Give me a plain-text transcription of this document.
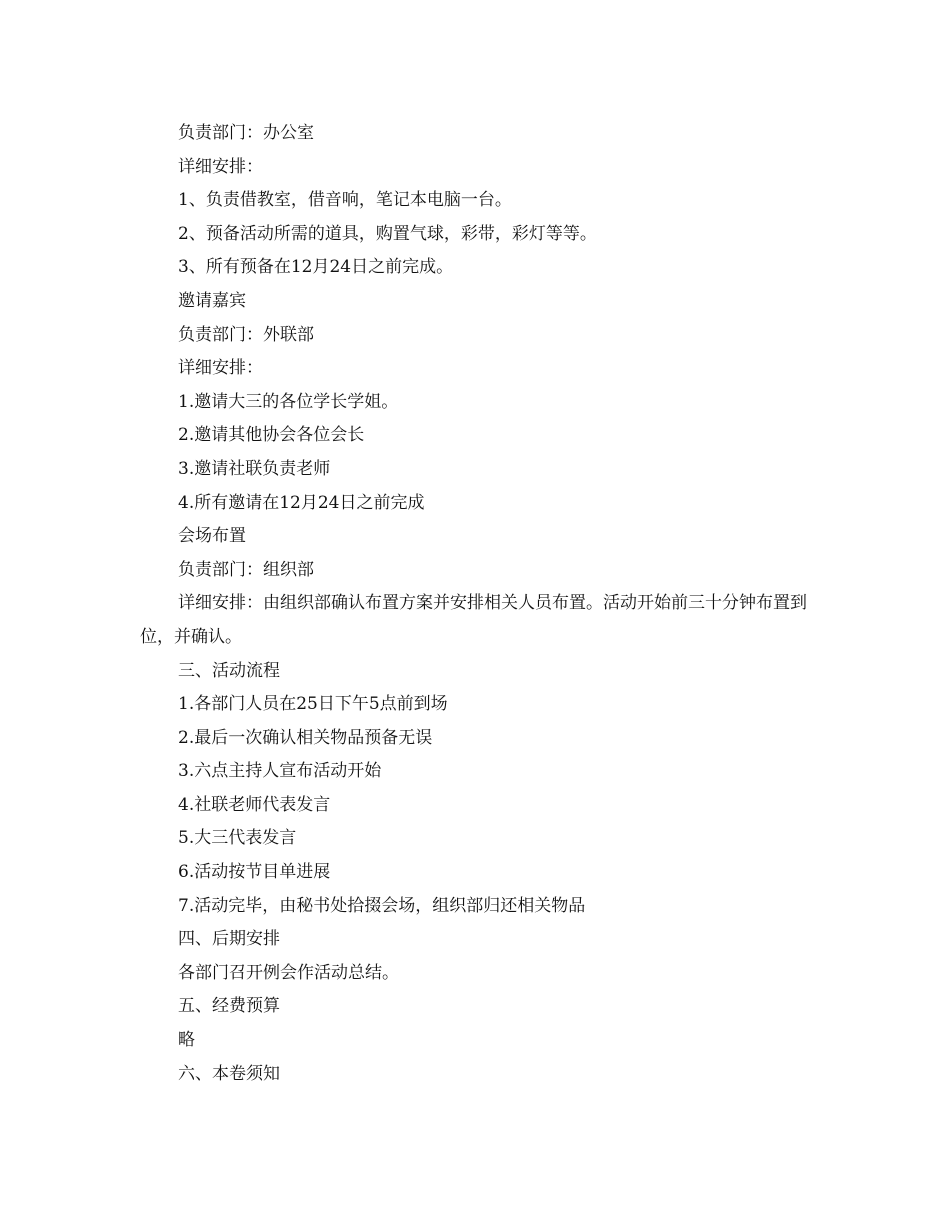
负责部门：办公室

详细安排：

1、负责借教室，借音响，笔记本电脑一台。

2、预备活动所需的道具，购置气球，彩带，彩灯等等。

3、所有预备在12月24日之前完成。

邀请嘉宾

负责部门：外联部

详细安排：

1.邀请大三的各位学长学姐。

2.邀请其他协会各位会长

3.邀请社联负责老师

4.所有邀请在12月24日之前完成

会场布置

负责部门：组织部

详细安排：由组织部确认布置方案并安排相关人员布置。活动开始前三十分钟布置到位，并确认。

三、活动流程

1.各部门人员在25日下午5点前到场

2.最后一次确认相关物品预备无误

3.六点主持人宣布活动开始

4.社联老师代表发言

5.大三代表发言

6.活动按节目单进展

7.活动完毕，由秘书处拾掇会场，组织部归还相关物品

四、后期安排

各部门召开例会作活动总结。

五、经费预算

略

六、本卷须知
